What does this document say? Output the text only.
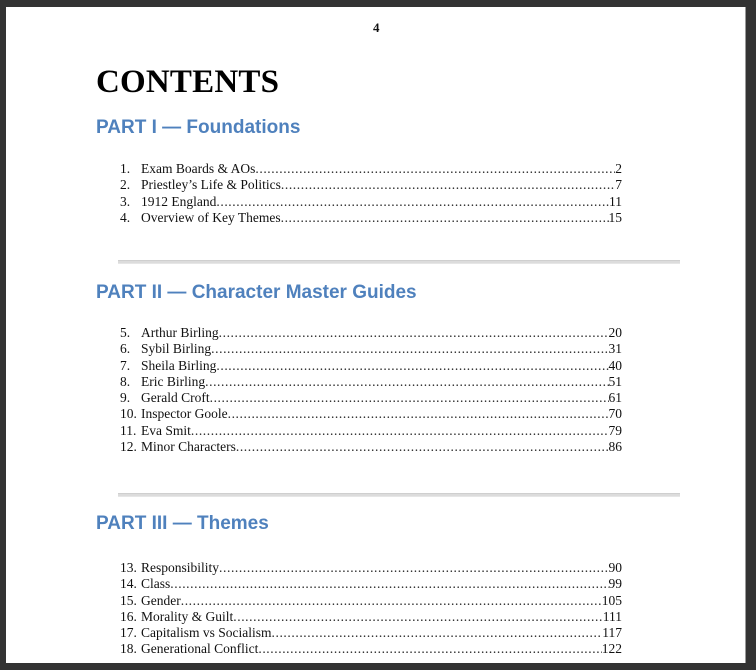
4
CONTENTS
PART I — Foundations
1. Exam Boards & AOs .....	2
2. Priestley’s Life & Politics .....	7
3. 1912 England .....	11
4. Overview of Key Themes .....	15
PART II — Character Master Guides
5. Arthur Birling .....	20
6. Sybil Birling .....	31
7. Sheila Birling .....	40
8. Eric Birling .....	51
9. Gerald Croft .....	61
10. Inspector Goole .....	70
11. Eva Smit .....	79
12. Minor Characters .....	86
PART III — Themes
13. Responsibility .....	90
14. Class .....	99
15. Gender .....	105
16. Morality & Guilt .....	111
17. Capitalism vs Socialism .....	117
18. Generational Conflict .....	122
